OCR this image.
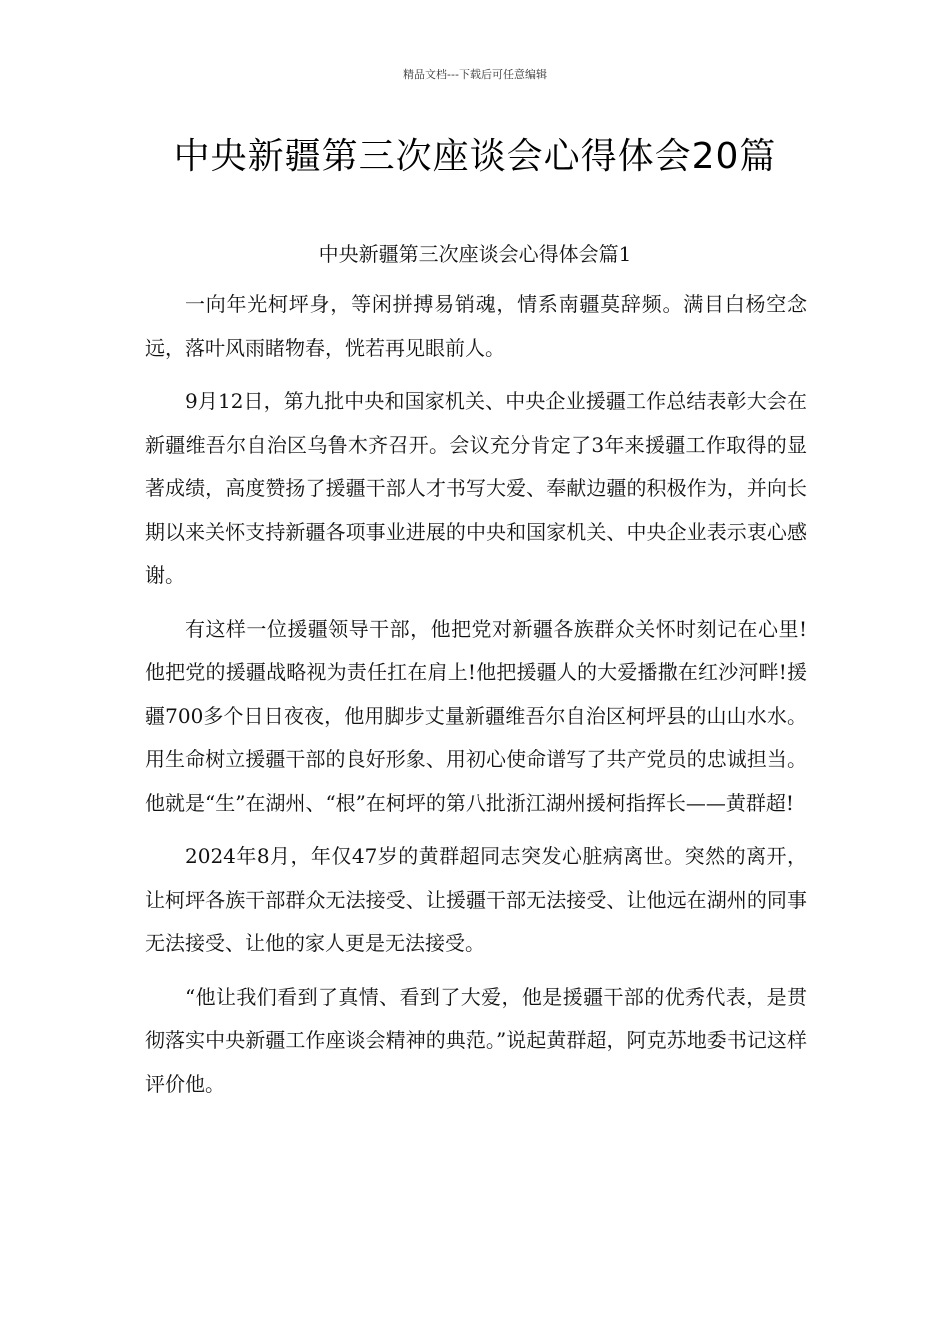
精品文档---下载后可任意编辑
中央新疆第三次座谈会心得体会20篇
中央新疆第三次座谈会心得体会篇1

一向年光柯坪身，等闲拼搏易销魂，情系南疆莫辞频。满目白杨空念远，落叶风雨睹物春，恍若再见眼前人。

9月12日，第九批中央和国家机关、中央企业援疆工作总结表彰大会在新疆维吾尔自治区乌鲁木齐召开。会议充分肯定了3年来援疆工作取得的显著成绩，高度赞扬了援疆干部人才书写大爱、奉献边疆的积极作为，并向长期以来关怀支持新疆各项事业进展的中央和国家机关、中央企业表示衷心感谢。

有这样一位援疆领导干部，他把党对新疆各族群众关怀时刻记在心里!他把党的援疆战略视为责任扛在肩上!他把援疆人的大爱播撒在红沙河畔!援疆700多个日日夜夜，他用脚步丈量新疆维吾尔自治区柯坪县的山山水水。用生命树立援疆干部的良好形象、用初心使命谱写了共产党员的忠诚担当。他就是“生”在湖州、“根”在柯坪的第八批浙江湖州援柯指挥长——黄群超!

2024年8月，年仅47岁的黄群超同志突发心脏病离世。突然的离开，让柯坪各族干部群众无法接受、让援疆干部无法接受、让他远在湖州的同事无法接受、让他的家人更是无法接受。

“他让我们看到了真情、看到了大爱，他是援疆干部的优秀代表，是贯彻落实中央新疆工作座谈会精神的典范。”说起黄群超，阿克苏地委书记这样评价他。
